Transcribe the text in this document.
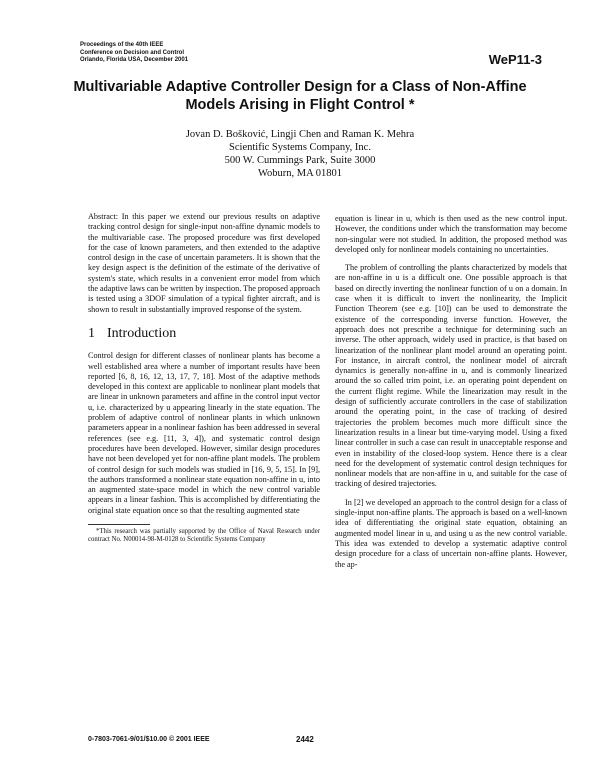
Proceedings of the 40th IEEE
Conference on Decision and Control
Orlando, Florida USA, December 2001	WeP11-3
Multivariable Adaptive Controller Design for a Class of Non-Affine Models Arising in Flight Control *
Jovan D. Bošković, Lingji Chen and Raman K. Mehra
Scientific Systems Company, Inc.
500 W. Cummings Park, Suite 3000
Woburn, MA 01801

Abstract: In this paper we extend our previous results on adaptive tracking control design for single-input non-affine dynamic models to the multivariable case. The proposed procedure was first developed for the case of known parameters, and then extended to the adaptive control design in the case of uncertain parameters. It is shown that the key design aspect is the definition of the estimate of the derivative of system's state, which results in a convenient error model from which the adaptive laws can be written by inspection. The proposed approach is tested using a 3DOF simulation of a typical fighter aircraft, and is shown to result in substantially improved response of the system.

1 Introduction

Control design for different classes of nonlinear plants has become a well established area where a number of important results have been reported [6, 8, 16, 12, 13, 17, 7, 18]. Most of the adaptive methods developed in this context are applicable to nonlinear plant models that are linear in unknown parameters and affine in the control input vector u, i.e. characterized by u appearing linearly in the state equation. The problem of adaptive control of nonlinear plants in which unknown parameters appear in a nonlinear fashion has been addressed in several references (see e.g. [11, 3, 4]), and systematic control design procedures have been developed. However, similar design procedures have not been developed yet for non-affine plant models. The problem of control design for such models was studied in [16, 9, 5, 15]. In [9], the authors transformed a nonlinear state equation non-affine in u, into an augmented state-space model in which the new control variable appears in a linear fashion. This is accomplished by differentiating the original state equation once so that the resulting augmented state

*This research was partially supported by the Office of Naval Research under contract No. N00014-98-M-0128 to Scientific Systems Company

equation is linear in u, which is then used as the new control input. However, the conditions under which the transformation may become non-singular were not studied. In addition, the proposed method was developed only for nonlinear models containing no uncertainties.

The problem of controlling the plants characterized by models that are non-affine in u is a difficult one. One possible approach is that based on directly inverting the nonlinear function of u on a domain. In case when it is difficult to invert the nonlinearity, the Implicit Function Theorem (see e.g. [10]) can be used to demonstrate the existence of the corresponding inverse function. However, the approach does not prescribe a technique for determining such an inverse. The other approach, widely used in practice, is that based on linearization of the nonlinear plant model around an operating point. For instance, in aircraft control, the nonlinear model of aircraft dynamics is generally non-affine in u, and is commonly linearized around the so called trim point, i.e. an operating point dependent on the current flight regime. While the linearization may result in the design of sufficiently accurate controllers in the case of stabilization around the operating point, in the case of tracking of desired trajectories the problem becomes much more difficult since the linearization results in a linear but time-varying model. Using a fixed linear controller in such a case can result in unacceptable response and even in instability of the closed-loop system. Hence there is a clear need for the development of systematic control design techniques for nonlinear models that are non-affine in u, and suitable for the case of tracking of desired trajectories.

In [2] we developed an approach to the control design for a class of single-input non-affine plants. The approach is based on a well-known idea of differentiating the original state equation, obtaining an augmented model linear in u, and using u as the new control variable. This idea was extended to develop a systematic adaptive control design procedure for a class of uncertain non-affine plants. However, the ap-

0-7803-7061-9/01/$10.00 © 2001 IEEE	2442
